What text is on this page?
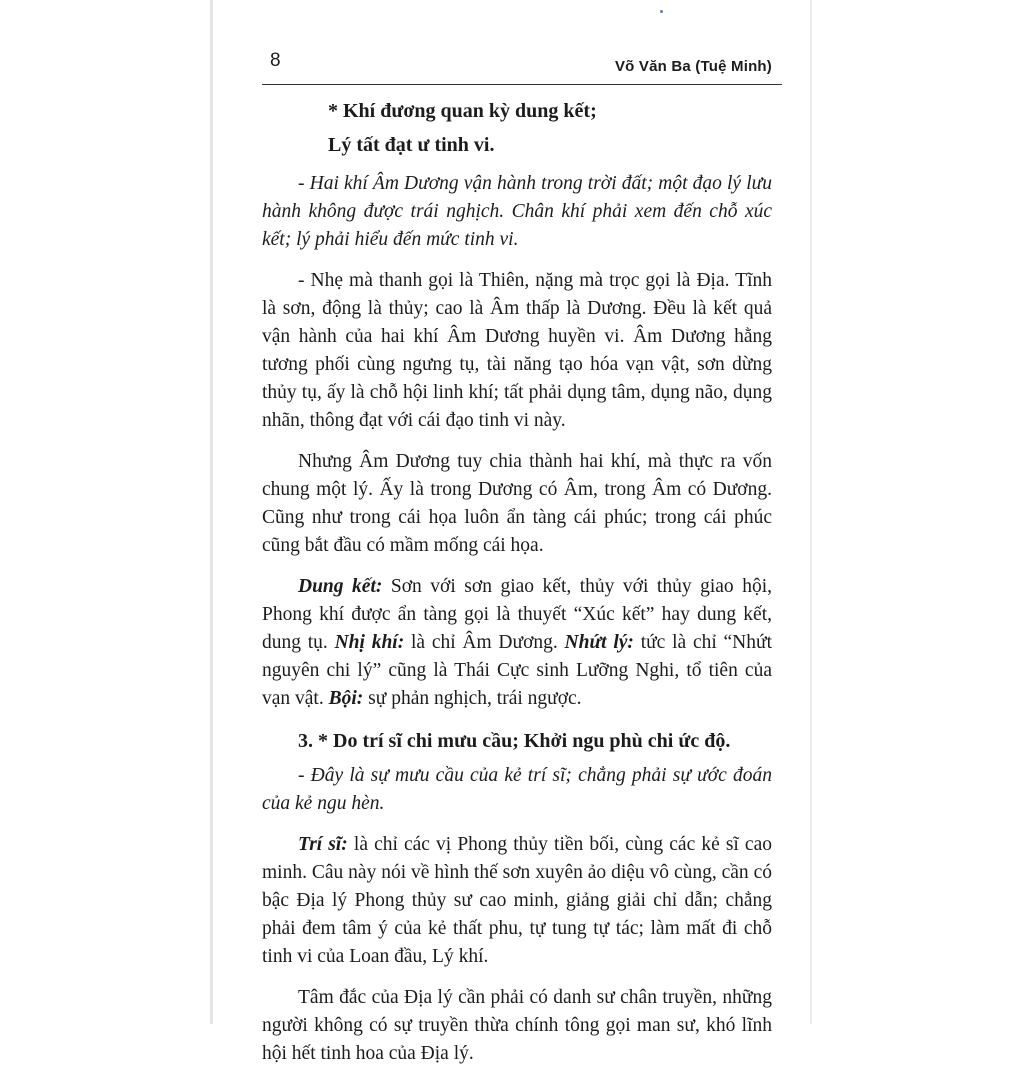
8	Võ Văn Ba (Tuệ Minh)
* Khí đương quan kỳ dung kết;
Lý tất đạt ư tinh vi.

- Hai khí Âm Dương vận hành trong trời đất; một đạo lý lưu hành không được trái nghịch. Chân khí phải xem đến chỗ xúc kết; lý phải hiểu đến mức tinh vi.

- Nhẹ mà thanh gọi là Thiên, nặng mà trọc gọi là Địa. Tĩnh là sơn, động là thủy; cao là Âm thấp là Dương. Đều là kết quả vận hành của hai khí Âm Dương huyền vi. Âm Dương hằng tương phối cùng ngưng tụ, tài năng tạo hóa vạn vật, sơn dừng thủy tụ, ấy là chỗ hội linh khí; tất phải dụng tâm, dụng não, dụng nhãn, thông đạt với cái đạo tinh vi này.

Nhưng Âm Dương tuy chia thành hai khí, mà thực ra vốn chung một lý. Ấy là trong Dương có Âm, trong Âm có Dương. Cũng như trong cái họa luôn ẩn tàng cái phúc; trong cái phúc cũng bắt đầu có mầm mống cái họa.

Dung kết: Sơn với sơn giao kết, thủy với thủy giao hội, Phong khí được ẩn tàng gọi là thuyết “Xúc kết” hay dung kết, dung tụ. Nhị khí: là chỉ Âm Dương. Nhứt lý: tức là chỉ “Nhứt nguyên chi lý” cũng là Thái Cực sinh Lưỡng Nghi, tổ tiên của vạn vật. Bội: sự phản nghịch, trái ngược.

3. * Do trí sĩ chi mưu cầu; Khởi ngu phù chi ức độ.

- Đây là sự mưu cầu của kẻ trí sĩ; chẳng phải sự ước đoán của kẻ ngu hèn.

Trí sĩ: là chỉ các vị Phong thủy tiền bối, cùng các kẻ sĩ cao minh. Câu này nói về hình thế sơn xuyên ảo diệu vô cùng, cần có bậc Địa lý Phong thủy sư cao minh, giảng giải chỉ dẫn; chẳng phải đem tâm ý của kẻ thất phu, tự tung tự tác; làm mất đi chỗ tinh vi của Loan đầu, Lý khí.

Tâm đắc của Địa lý cần phải có danh sư chân truyền, những người không có sự truyền thừa chính tông gọi man sư, khó lĩnh hội hết tinh hoa của Địa lý.
